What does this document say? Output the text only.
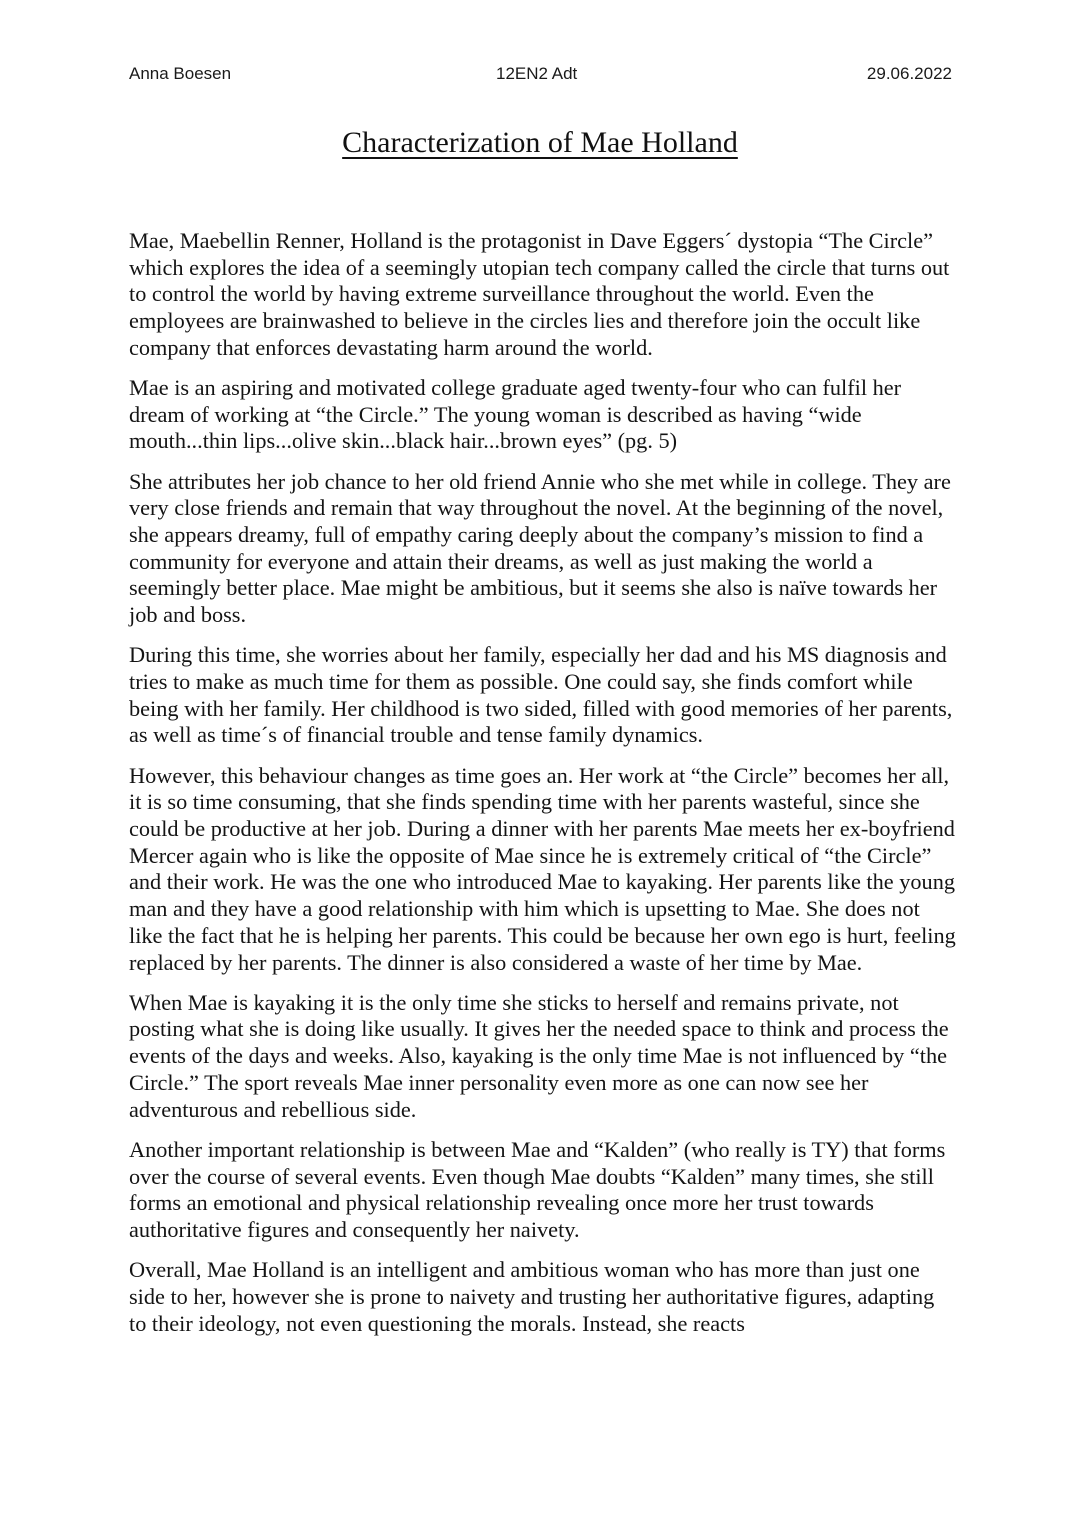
Anna Boesen	12EN2 Adt	29.06.2022
Characterization of Mae Holland

Mae, Maebellin Renner, Holland is the protagonist in Dave Eggers´ dystopia “The Circle” which explores the idea of a seemingly utopian tech company called the circle that turns out to control the world by having extreme surveillance throughout the world. Even the employees are brainwashed to believe in the circles lies and therefore join the occult like company that enforces devastating harm around the world.

Mae is an aspiring and motivated college graduate aged twenty-four who can fulfil her dream of working at “the Circle.” The young woman is described as having “wide mouth...thin lips...olive skin...black hair...brown eyes” (pg. 5)

She attributes her job chance to her old friend Annie who she met while in college. They are very close friends and remain that way throughout the novel. At the beginning of the novel, she appears dreamy, full of empathy caring deeply about the company’s mission to find a community for everyone and attain their dreams, as well as just making the world a seemingly better place. Mae might be ambitious, but it seems she also is naïve towards her job and boss.

During this time, she worries about her family, especially her dad and his MS diagnosis and tries to make as much time for them as possible. One could say, she finds comfort while being with her family. Her childhood is two sided, filled with good memories of her parents, as well as time´s of financial trouble and tense family dynamics.

However, this behaviour changes as time goes an. Her work at “the Circle” becomes her all, it is so time consuming, that she finds spending time with her parents wasteful, since she could be productive at her job. During a dinner with her parents Mae meets her ex-boyfriend Mercer again who is like the opposite of Mae since he is extremely critical of “the Circle” and their work. He was the one who introduced Mae to kayaking. Her parents like the young man and they have a good relationship with him which is upsetting to Mae. She does not like the fact that he is helping her parents. This could be because her own ego is hurt, feeling replaced by her parents. The dinner is also considered a waste of her time by Mae.

When Mae is kayaking it is the only time she sticks to herself and remains private, not posting what she is doing like usually. It gives her the needed space to think and process the events of the days and weeks. Also, kayaking is the only time Mae is not influenced by “the Circle.” The sport reveals Mae inner personality even more as one can now see her adventurous and rebellious side.

Another important relationship is between Mae and “Kalden” (who really is TY) that forms over the course of several events. Even though Mae doubts “Kalden” many times, she still forms an emotional and physical relationship revealing once more her trust towards authoritative figures and consequently her naivety.

Overall, Mae Holland is an intelligent and ambitious woman who has more than just one side to her, however she is prone to naivety and trusting her authoritative figures, adapting to their ideology, not even questioning the morals. Instead, she reacts
